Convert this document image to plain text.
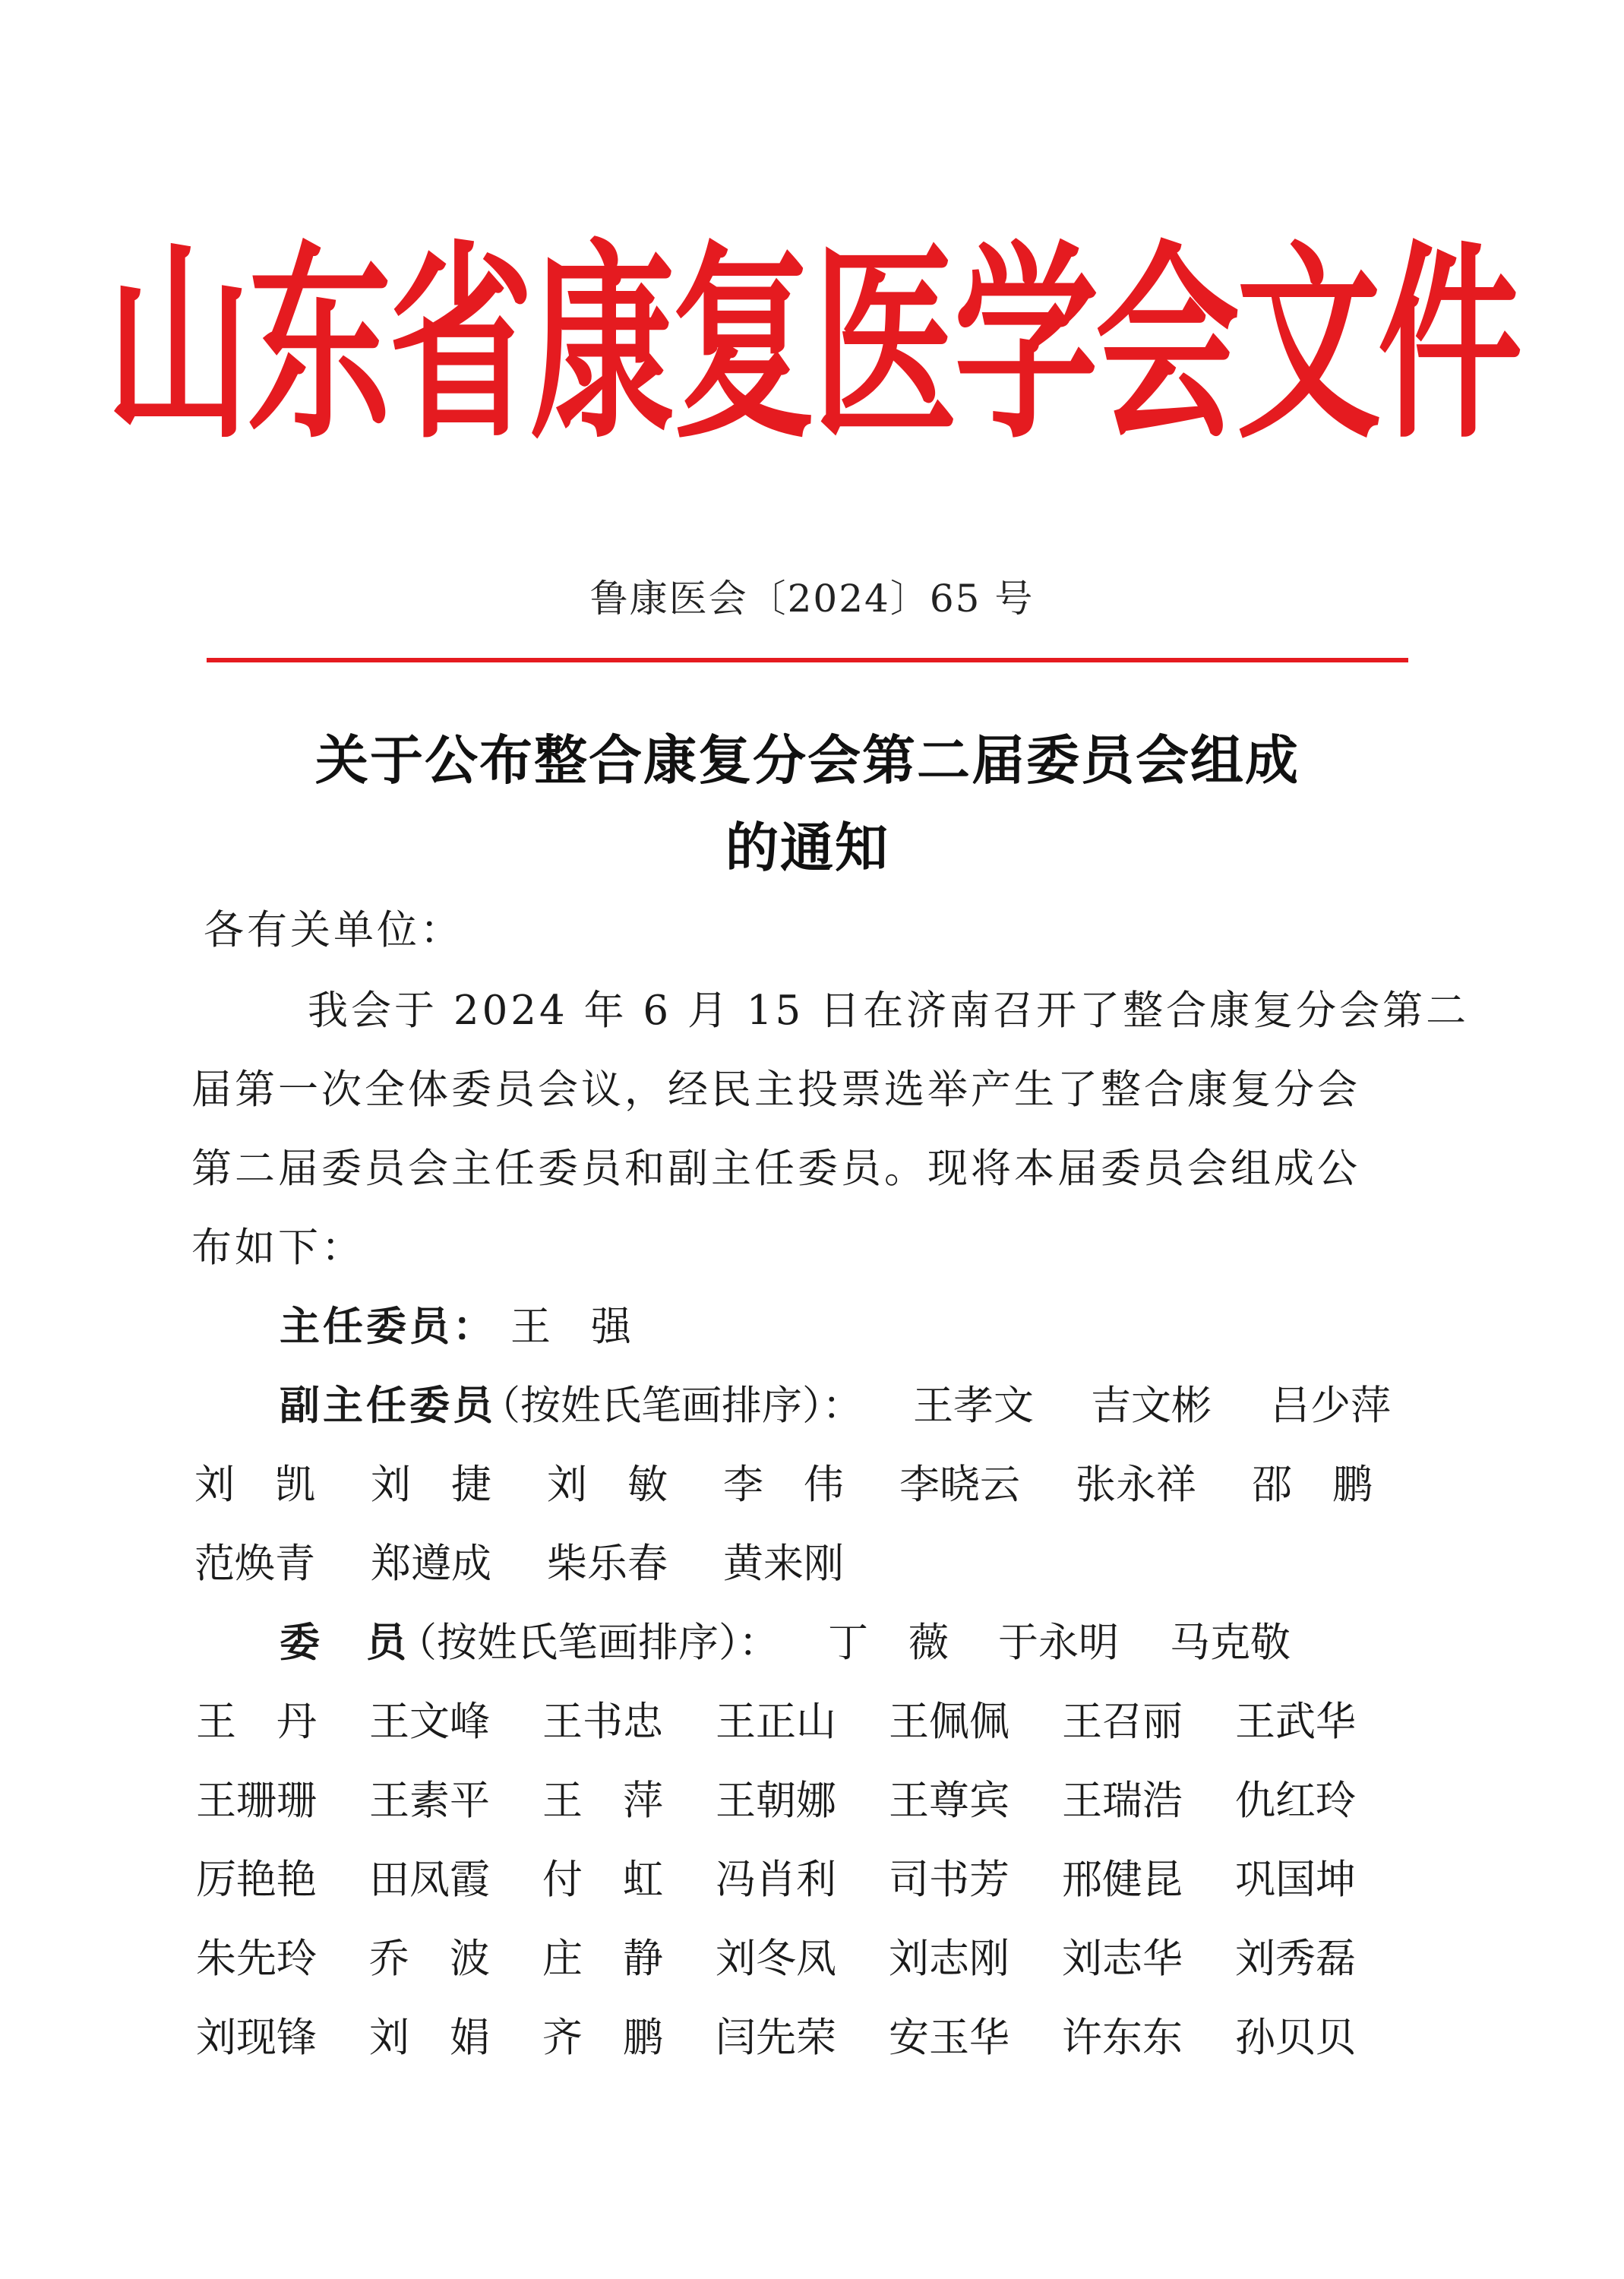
山东省康复医学会文件
鲁康医会〔2024〕65 号
关于公布整合康复分会第二届委员会组成
的通知
各有关单位：
我会于 2024 年 6 月 15 日在济南召开了整合康复分会第二
届第一次全体委员会议，经民主投票选举产生了整合康复分会
第二届委员会主任委员和副主任委员。现将本届委员会组成公
布如下：
主任委员： 王　强
副主任委员
（按姓氏笔画排序）： 王孝文 吉文彬 吕少萍
刘　凯 刘　捷 刘　敏 李　伟 李晓云 张永祥 邵　鹏
范焕青 郑遵成 柴乐春 黄来刚
委　员
（按姓氏笔画排序）： 丁　薇 于永明 马克敬
王　丹 王文峰 王书忠 王正山 王佩佩 王召丽 王武华
王珊珊 王素平 王　萍 王朝娜 王尊宾 王瑞浩 仇红玲
厉艳艳 田凤霞 付　虹 冯肖利 司书芳 邢健昆 巩国坤
朱先玲 乔　波 庄　静 刘冬凤 刘志刚 刘志华 刘秀磊
刘现锋 刘　娟 齐　鹏 闫先荣 安玉华 许东东 孙贝贝
